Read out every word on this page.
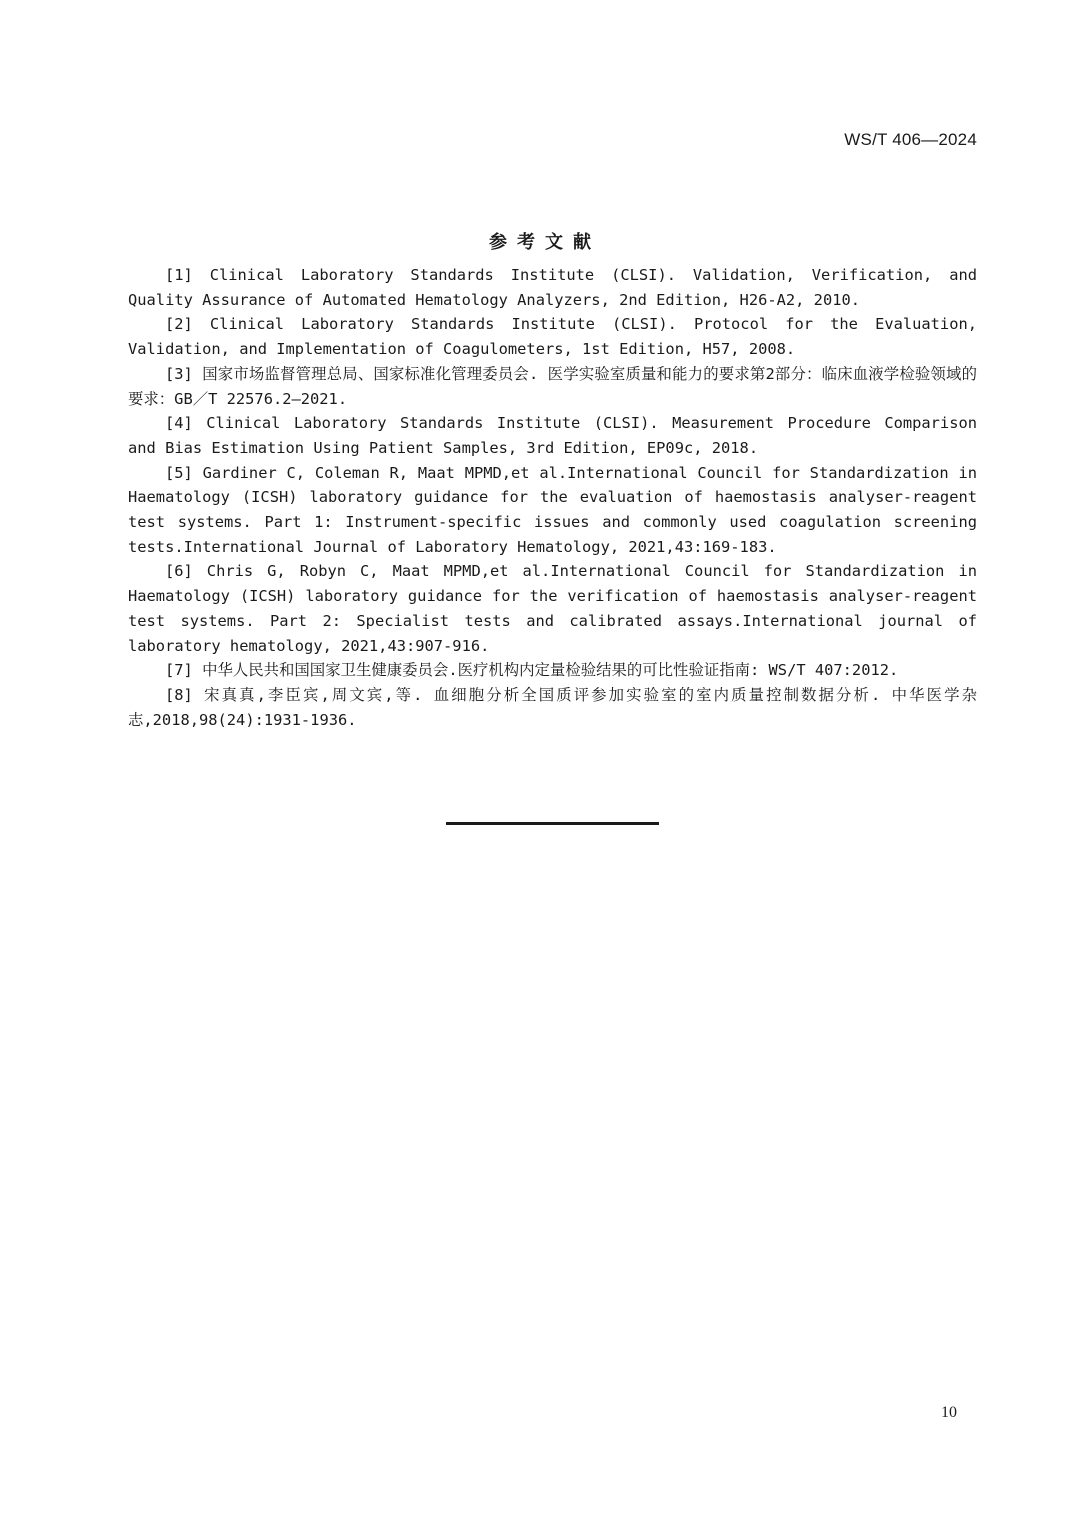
WS/T 406—2024
参考文献
[1] Clinical Laboratory Standards Institute (CLSI). Validation, Verification, and Quality Assurance of Automated Hematology Analyzers, 2nd Edition, H26-A2, 2010.
[2] Clinical Laboratory Standards Institute (CLSI). Protocol for the Evaluation, Validation, and Implementation of Coagulometers, 1st Edition, H57, 2008.
[3] 国家市场监督管理总局、国家标准化管理委员会. 医学实验室质量和能力的要求第2部分：临床血液学检验领域的要求：GB／T 22576.2—2021.
[4] Clinical Laboratory Standards Institute (CLSI). Measurement Procedure Comparison and Bias Estimation Using Patient Samples, 3rd Edition, EP09c, 2018.
[5] Gardiner C, Coleman R, Maat MPMD,et al.International Council for Standardization in Haematology (ICSH) laboratory guidance for the evaluation of haemostasis analyser‐reagent test systems. Part 1: Instrument‐specific issues and commonly used coagulation screening tests.International Journal of Laboratory Hematology, 2021,43:169-183.
[6] Chris G, Robyn C, Maat MPMD,et al.International Council for Standardization in Haematology (ICSH) laboratory guidance for the verification of haemostasis analyser-reagent test systems. Part 2: Specialist tests and calibrated assays.International journal of laboratory hematology, 2021,43:907-916.
[7] 中华人民共和国国家卫生健康委员会.医疗机构内定量检验结果的可比性验证指南: WS/T 407:2012.
[8] 宋真真,李臣宾,周文宾,等. 血细胞分析全国质评参加实验室的室内质量控制数据分析. 中华医学杂志,2018,98(24):1931-1936.
10
